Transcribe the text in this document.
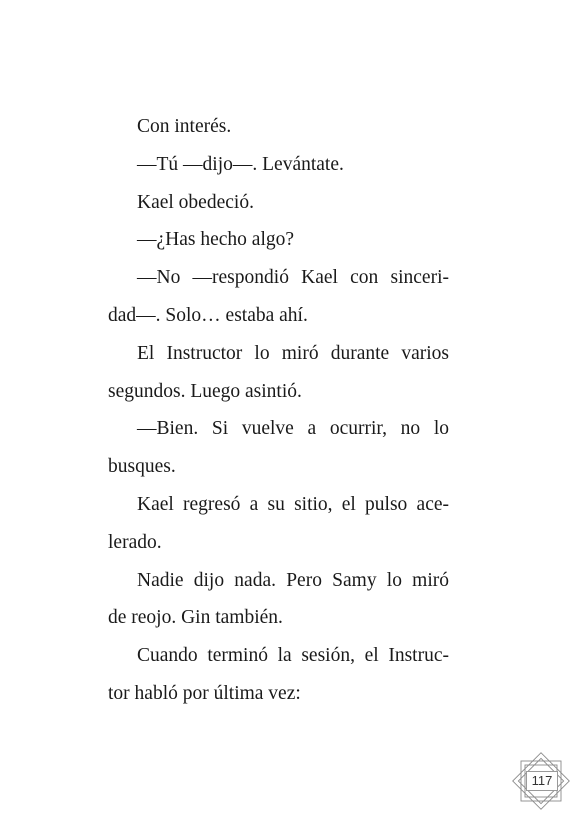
Con interés.
—Tú —dijo—. Levántate.
Kael obedeció.
—¿Has hecho algo?
—No —respondió Kael con sinceri-
dad—. Solo… estaba ahí.
El Instructor lo miró durante varios
segundos. Luego asintió.
—Bien. Si vuelve a ocurrir, no lo
busques.
Kael regresó a su sitio, el pulso ace-
lerado.
Nadie dijo nada. Pero Samy lo miró
de reojo. Gin también.
Cuando terminó la sesión, el Instruc-
tor habló por última vez:
117
